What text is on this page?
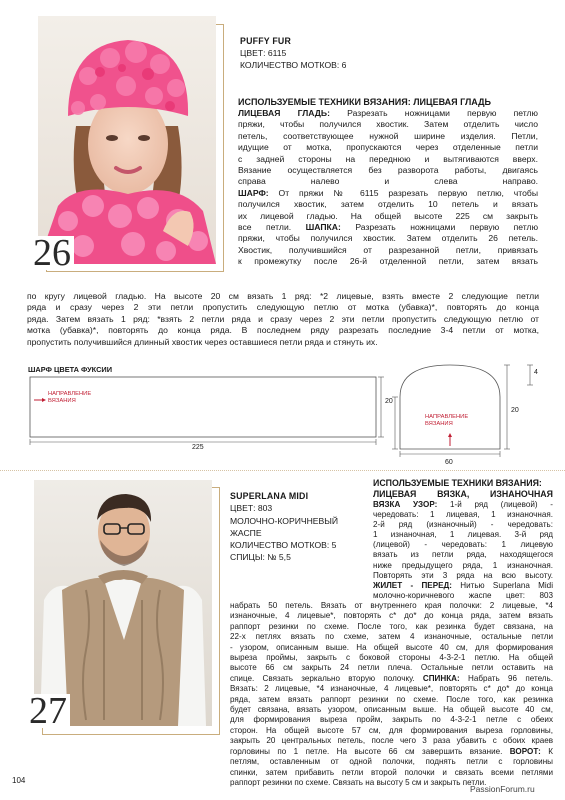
26
PUFFY FUR
ЦВЕТ: 6115
КОЛИЧЕСТВО МОТКОВ: 6
ИСПОЛЬЗУЕМЫЕ ТЕХНИКИ ВЯЗАНИЯ: ЛИЦЕВАЯ ГЛАДЬ
ЛИЦЕВАЯ ГЛАДЬ: Разрезать ножницами первую петлю
пряжи, чтобы получился хвостик. Затем отделить число
петель, соответствующее нужной ширине изделия. Петли,
идущие от мотка, пропускаются через отделенные петли
с задней стороны на переднюю и вытягиваются вверх.
Вязание осуществляется без разворота работы, двигаясь
справа налево и слева направо.
ШАРФ: От пряжи № 6115 разрезать первую петлю, чтобы
получился хвостик, затем отделить 10 петель и вязать
их лицевой гладью. На общей высоте 225 см закрыть
все петли. ШАПКА: Разрезать ножницами первую петлю
пряжи, чтобы получился хвостик. Затем отделить 26 петель.
Хвостик, получившийся от разрезанной петли, привязать
к промежутку после 26-й отделенной петли, затем вязать
по кругу лицевой гладью. На высоте 20 см вязать 1 ряд: *2 лицевые, взять вместе 2 следующие петли
ряда и сразу через 2 эти петли пропустить следующую петлю от мотка (убавка)*, повторять до конца
ряда. Затем вязать 1 ряд: *взять 2 петли ряда и сразу через 2 эти петли пропустить следующую петлю от
мотка (убавка)*, повторять до конца ряда. В последнем ряду разрезать последние 3-4 петли от мотка,
пропустить получившийся длинный хвостик через оставшиеся петли ряда и стянуть их.
ШАРФ ЦВЕТА ФУКСИИ
НАПРАВЛЕНИЕ ВЯЗАНИЯ
НАПРАВЛЕНИЕ ВЯЗАНИЯ
225
20
20
4
60
27
SUPERLANA MIDI
ЦВЕТ: 803
МОЛОЧНО-КОРИЧНЕВЫЙ
ЖАСПЕ
КОЛИЧЕСТВО МОТКОВ: 5
СПИЦЫ: № 5,5
ИСПОЛЬЗУЕМЫЕ ТЕХНИКИ ВЯЗАНИЯ:
ЛИЦЕВАЯ ВЯЗКА, ИЗНАНОЧНАЯ
ВЯЗКА УЗОР: 1-й ряд (лицевой) -
чередовать: 1 лицевая, 1 изнаночная.
2-й ряд (изнаночный) - чередовать:
1 изнаночная, 1 лицевая. 3-й ряд
(лицевой) - чередовать: 1 лицевую
вязать из петли ряда, находящегося
ниже предыдущего ряда, 1 изнаночная.
Повторять эти 3 ряда на всю высоту.
ЖИЛЕТ - ПЕРЕД: Нитью Superlana Midi
молочно-коричневого жаспе цвет: 803
набрать 50 петель. Вязать от внутреннего края полочки: 2 лицевые, *4
изнаночные, 4 лицевые*, повторять с* до* до конца ряда, затем вязать
раппорт резинки по схеме. После того, как резинка будет связана, на
22-х петлях вязать по схеме, затем 4 изнаночные, остальные петли
- узором, описанным выше. На общей высоте 40 см, для формирования
выреза проймы, закрыть с боковой стороны 4-3-2-1 петлю. На общей
высоте 66 см закрыть 24 петли плеча. Остальные петли оставить на
спице. Связать зеркально вторую полочку. СПИНКА: Набрать 96 петель.
Вязать: 2 лицевые, *4 изнаночные, 4 лицевые*, повторять с* до* до конца
ряда, затем вязать раппорт резинки по схеме. После того, как резинка
будет связана, вязать узором, описанным выше. На общей высоте 40 см,
для формирования выреза пройм, закрыть по 4-3-2-1 петле с обеих
сторон. На общей высоте 57 см, для формирования выреза горловины,
закрыть 20 центральных петель, после чего 3 раза убавить с обоих краев
горловины по 1 петле. На высоте 66 см завершить вязание. ВОРОТ: К
петлям, оставленным от одной полочки, поднять петли с горловины
спинки, затем прибавить петли второй полочки и связать всеми петлями
раппорт резинки по схеме. Связать на высоту 5 см и закрыть петли.
104
PassionForum.ru
